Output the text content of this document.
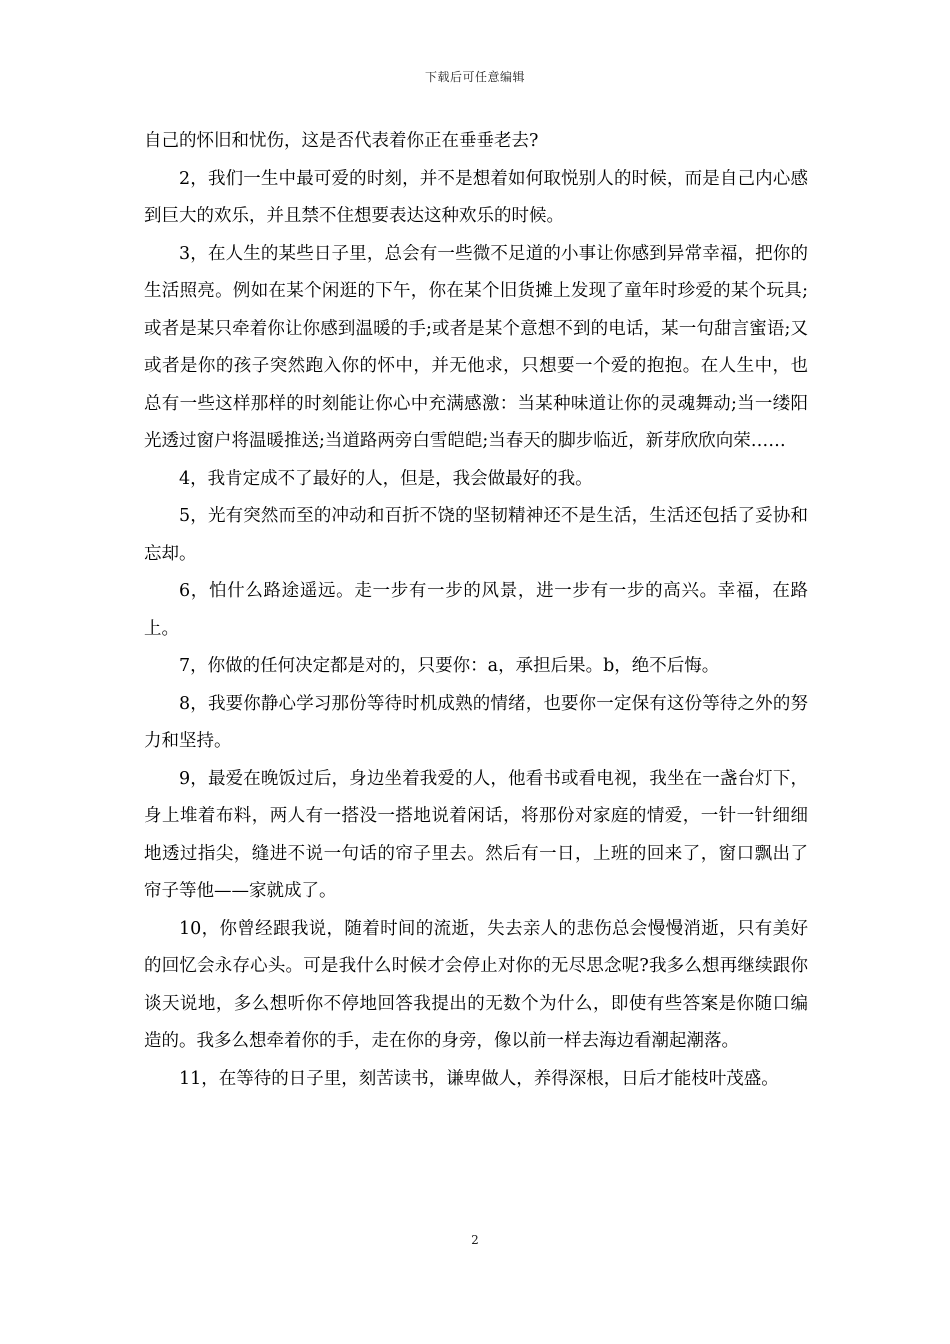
下载后可任意编辑

自己的怀旧和忧伤，这是否代表着你正在垂垂老去?

2，我们一生中最可爱的时刻，并不是想着如何取悦别人的时候，而是自己内心感到巨大的欢乐，并且禁不住想要表达这种欢乐的时候。

3，在人生的某些日子里，总会有一些微不足道的小事让你感到异常幸福，把你的生活照亮。例如在某个闲逛的下午，你在某个旧货摊上发现了童年时珍爱的某个玩具;或者是某只牵着你让你感到温暖的手;或者是某个意想不到的电话，某一句甜言蜜语;又或者是你的孩子突然跑入你的怀中，并无他求，只想要一个爱的抱抱。在人生中，也总有一些这样那样的时刻能让你心中充满感激：当某种味道让你的灵魂舞动;当一缕阳光透过窗户将温暖推送;当道路两旁白雪皑皑;当春天的脚步临近，新芽欣欣向荣……

4，我肯定成不了最好的人，但是，我会做最好的我。

5，光有突然而至的冲动和百折不饶的坚韧精神还不是生活，生活还包括了妥协和忘却。

6，怕什么路途遥远。走一步有一步的风景，进一步有一步的高兴。幸福，在路上。

7，你做的任何决定都是对的，只要你：a，承担后果。b，绝不后悔。

8，我要你静心学习那份等待时机成熟的情绪，也要你一定保有这份等待之外的努力和坚持。

9，最爱在晚饭过后，身边坐着我爱的人，他看书或看电视，我坐在一盏台灯下，身上堆着布料，两人有一搭没一搭地说着闲话，将那份对家庭的情爱，一针一针细细地透过指尖，缝进不说一句话的帘子里去。然后有一日，上班的回来了，窗口飘出了帘子等他——家就成了。

10，你曾经跟我说，随着时间的流逝，失去亲人的悲伤总会慢慢消逝，只有美好的回忆会永存心头。可是我什么时候才会停止对你的无尽思念呢?我多么想再继续跟你谈天说地，多么想听你不停地回答我提出的无数个为什么，即使有些答案是你随口编造的。我多么想牵着你的手，走在你的身旁，像以前一样去海边看潮起潮落。

11，在等待的日子里，刻苦读书，谦卑做人，养得深根，日后才能枝叶茂盛。

2
